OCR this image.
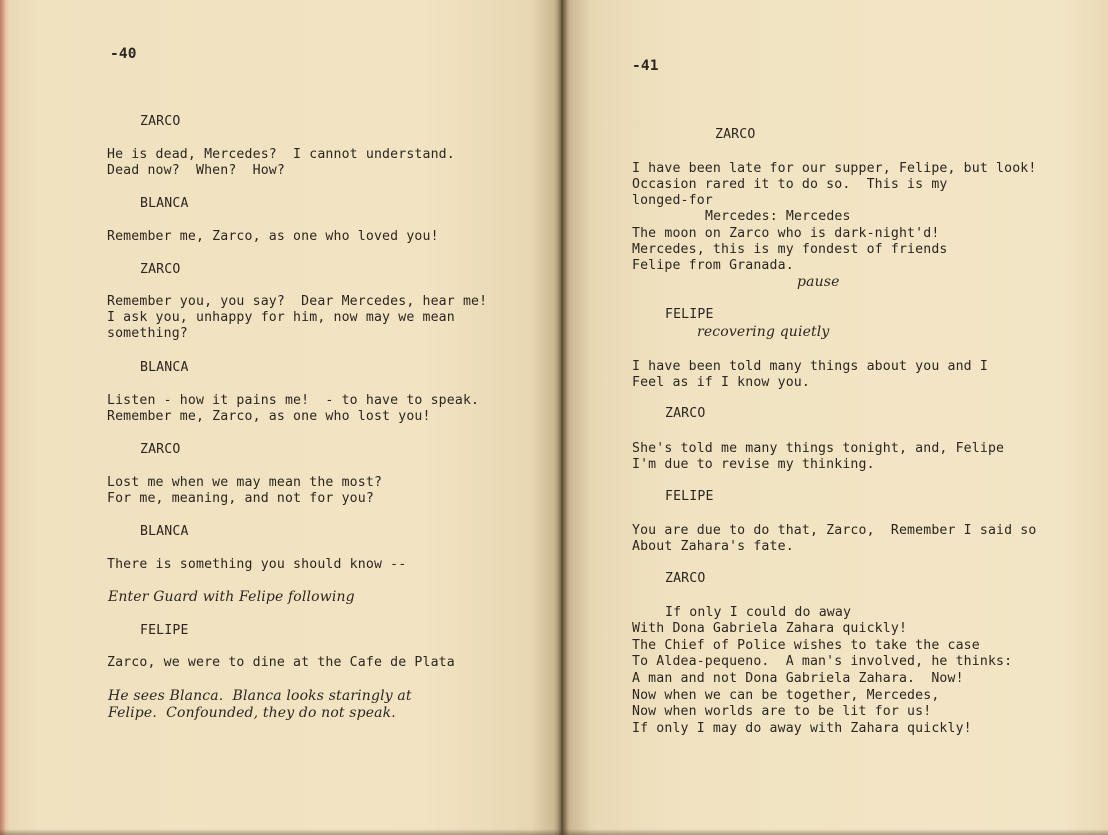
-40
ZARCO
He is dead, Mercedes?  I cannot understand.
Dead now?  When?  How?
BLANCA
Remember me, Zarco, as one who loved you!
ZARCO
Remember you, you say?  Dear Mercedes, hear me!
I ask you, unhappy for him, now may we mean
something?
BLANCA
Listen - how it pains me!  - to have to speak.
Remember me, Zarco, as one who lost you!
ZARCO
Lost me when we may mean the most?
For me, meaning, and not for you?
BLANCA
There is something you should know --
Enter Guard with Felipe following
FELIPE
Zarco, we were to dine at the Cafe de Plata
He sees Blanca.  Blanca looks staringly at
Felipe.  Confounded, they do not speak.
-41
ZARCO
I have been late for our supper, Felipe, but look!
Occasion rared it to do so.  This is my
longed-for
Mercedes: Mercedes
The moon on Zarco who is dark-night'd!
Mercedes, this is my fondest of friends
Felipe from Granada.
pause
FELIPE
recovering quietly
I have been told many things about you and I
Feel as if I know you.
ZARCO
She's told me many things tonight, and, Felipe
I'm due to revise my thinking.
FELIPE
You are due to do that, Zarco,  Remember I said so
About Zahara's fate.
ZARCO
If only I could do away
With Dona Gabriela Zahara quickly!
The Chief of Police wishes to take the case
To Aldea-pequeno.  A man's involved, he thinks:
A man and not Dona Gabriela Zahara.  Now!
Now when we can be together, Mercedes,
Now when worlds are to be lit for us!
If only I may do away with Zahara quickly!
